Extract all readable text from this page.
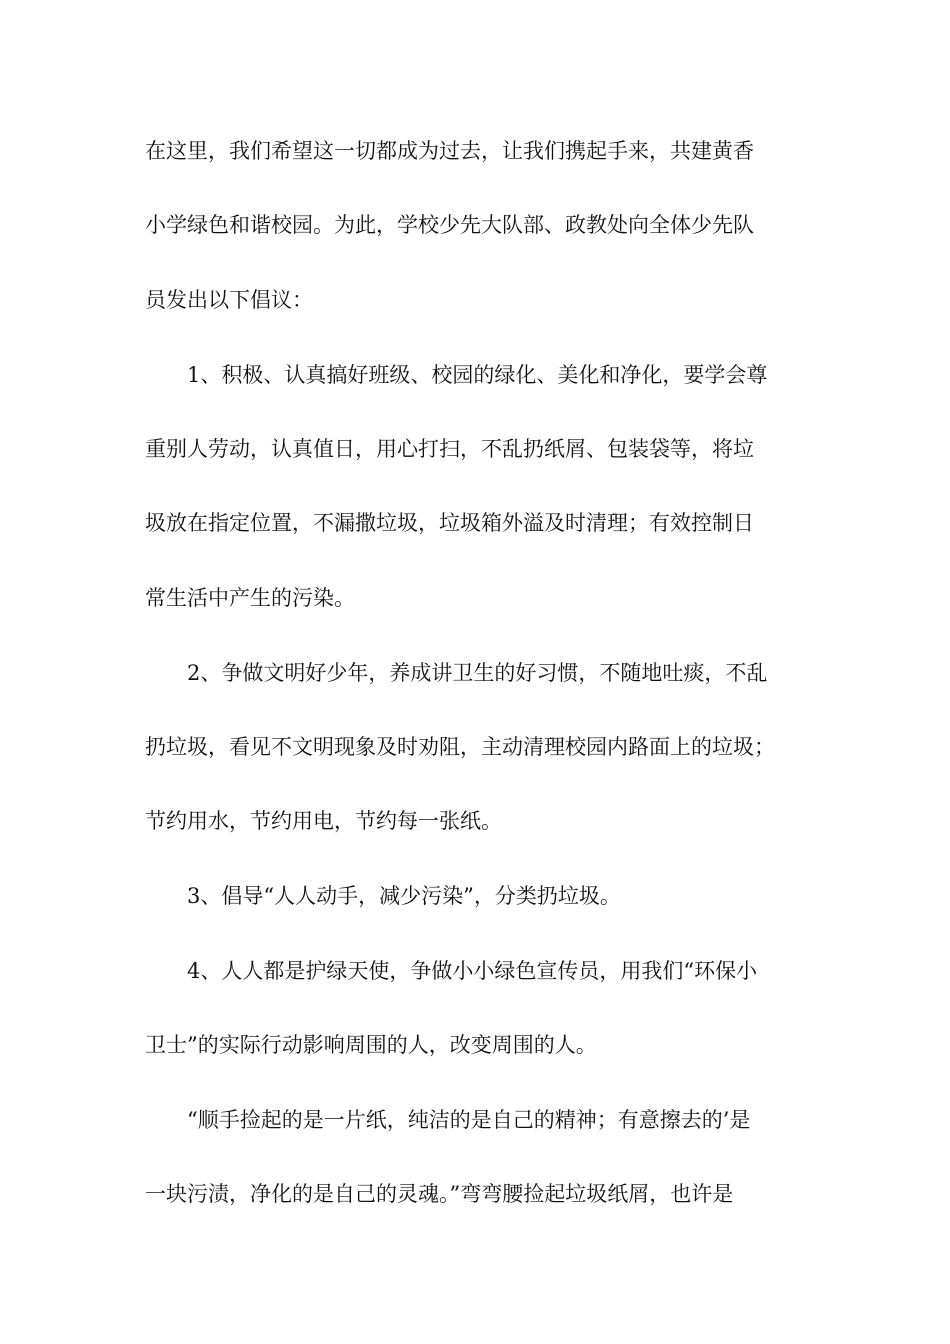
在这里，我们希望这一切都成为过去，让我们携起手来，共建黄香
小学绿色和谐校园。为此，学校少先大队部、政教处向全体少先队
员发出以下倡议：
　　1、积极、认真搞好班级、校园的绿化、美化和净化，要学会尊
重别人劳动，认真值日，用心打扫，不乱扔纸屑、包装袋等，将垃
圾放在指定位置，不漏撒垃圾，垃圾箱外溢及时清理；有效控制日
常生活中产生的污染。
　　2、争做文明好少年，养成讲卫生的好习惯，不随地吐痰，不乱
扔垃圾，看见不文明现象及时劝阻，主动清理校园内路面上的垃圾；
节约用水，节约用电，节约每一张纸。
　　3、倡导“人人动手，减少污染”，分类扔垃圾。
　　4、人人都是护绿天使，争做小小绿色宣传员，用我们“环保小
卫士”的实际行动影响周围的人，改变周围的人。
　　“顺手捡起的是一片纸，纯洁的是自己的精神；有意擦去的’是
一块污渍，净化的是自己的灵魂。”弯弯腰捡起垃圾纸屑，也许是
